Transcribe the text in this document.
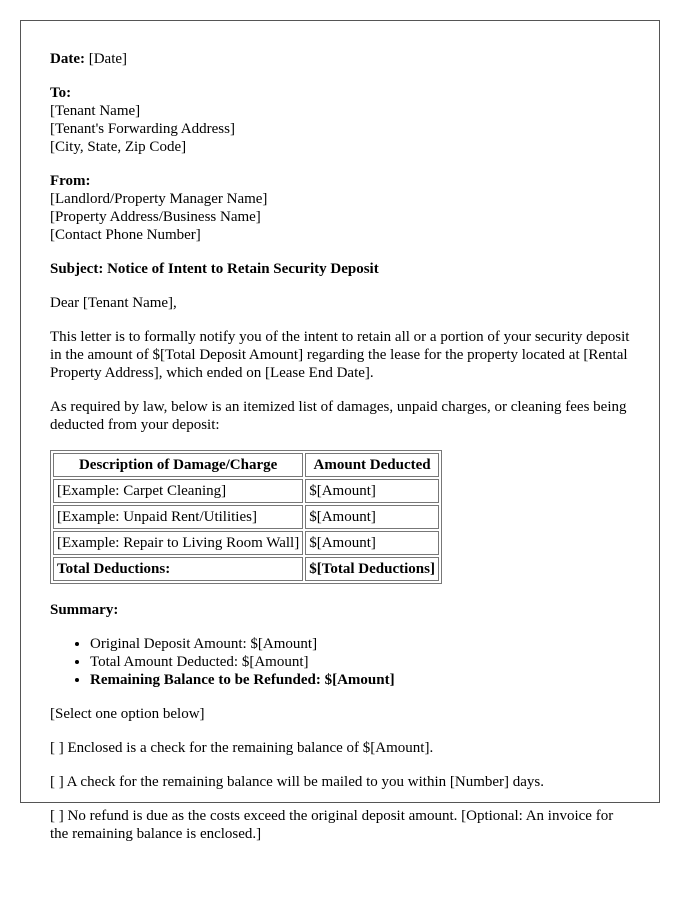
Date: [Date]

To:
[Tenant Name]
[Tenant's Forwarding Address]
[City, State, Zip Code]
From:
[Landlord/Property Manager Name]
[Property Address/Business Name]
[Contact Phone Number]

Subject: Notice of Intent to Retain Security Deposit

Dear [Tenant Name],

This letter is to formally notify you of the intent to retain all or a portion of your security deposit in the amount of $[Total Deposit Amount] regarding the lease for the property located at [Rental Property Address], which ended on [Lease End Date].

As required by law, below is an itemized list of damages, unpaid charges, or cleaning fees being deducted from your deposit:

Description of Damage/Charge	Amount Deducted
[Example: Carpet Cleaning]	$[Amount]
[Example: Unpaid Rent/Utilities]	$[Amount]
[Example: Repair to Living Room Wall]	$[Amount]
Total Deductions:	$[Total Deductions]

Summary:

• Original Deposit Amount: $[Amount]
• Total Amount Deducted: $[Amount]
• Remaining Balance to be Refunded: $[Amount]

[Select one option below]

[ ] Enclosed is a check for the remaining balance of $[Amount].

[ ] A check for the remaining balance will be mailed to you within [Number] days.

[ ] No refund is due as the costs exceed the original deposit amount. [Optional: An invoice for the remaining balance is enclosed.]
